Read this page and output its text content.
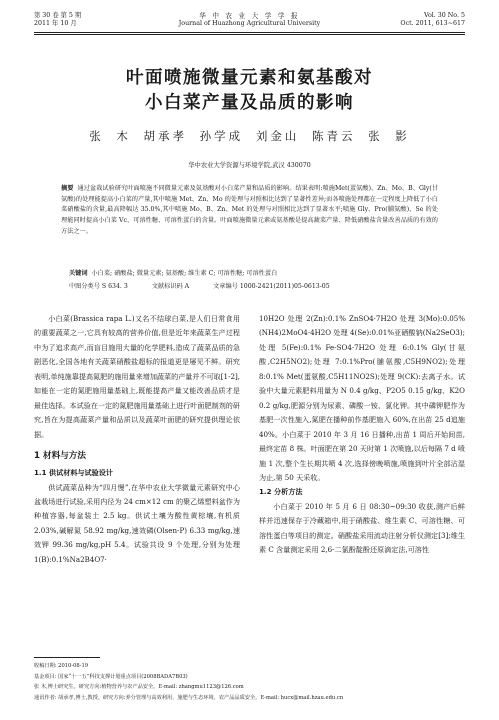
第 30 卷 第 5 期
2011 年 10 月
华 中 农 业 大 学 学 报
Journal of Huazhong Agricultural University
Vol. 30 No. 5
Oct. 2011, 613~617
叶面喷施微量元素和氨基酸对
小白菜产量及品质的影响
张 木 胡承孝 孙学成 刘金山 陈青云 张 影
华中农业大学资源与环境学院,武汉 430070
摘要 通过盆栽试验研究叶面喷施不同微量元素及氨基酸对小白菜产量和品质的影响。结果表明:喷施Met(蛋氨酸)、Zn、Mo、B、Gly(甘氨酸)的处理能提高小白菜的产量,其中喷施 Met、Zn、Mo 的处理与对照相比达到了显著性差异;而各喷施处理都在一定程度上降低了小白菜硝酸盐的含量,最高降幅达 35.0%,其中喷施 Mo、B、Zn、Met 的处理与对照相比达到了显著水平;喷施 Gly、Pro(脯氨酸)、Se 的处理能同时提高小白菜 Vc、可溶性糖、可溶性蛋白的含量。叶面喷施微量元素或氨基酸是提高蔬菜产量、降低硝酸盐含量改善品质的有效的方法之一。
关键词 小白菜; 硝酸盐; 微量元素; 氨基酸; 维生素 C; 可溶性糖; 可溶性蛋白
中图分类号 S 634. 3	文献标识码 A	文章编号 1000-2421(2011)05-0613-05

小白菜(Brassica rapa L.)又名不结球白菜,是人们日常食用的重要蔬菜之一,它具有较高的营养价值,但是近年来蔬菜生产过程中为了追求高产,而盲目施用大量的化学肥料,造成了蔬菜品质的急剧恶化,全国各地有关蔬菜硝酸盐超标的报道更是屡见不鲜。研究表明,单纯施靠提高氮肥的施用量来增加蔬菜的产量并不可取[1-2],如能在一定的氮肥施用量基础上,既能提高产量又能改善品质才是最佳选择。本试验在一定的氮肥施用量基础上进行叶面肥制剂的研究,旨在为提高蔬菜产量和品质以及蔬菜叶面肥的研究提供理论依据。

1 材料与方法
1.1 供试材料与试验设计

供试蔬菜品种为“四月慢”,在华中农业大学微量元素研究中心盆栽场进行试验,采用内径为 24 cm×12 cm 的聚乙烯塑料盆作为种植容器,每盆装土 2.5 kg。供试土壤为酸性黄棕壤,有机质 2.03%,碱解氮 58.92 mg/kg,速效磷(Olsen-P) 6.33 mg/kg,速效钾 99.36 mg/kg,pH 5.4。试验共设 9 个处理,分别为处理 1(B):0.1%Na2B4O7·

10H2O 处理 2(Zn):0.1% ZnSO4·7H2O 处理 3(Mo):0.05%(NH4)2MoO4·4H2O 处理 4(Se):0.01%亚硒酸钠(Na2SeO3);处理 5(Fe):0.1% Fe-SO4·7H2O 处理 6:0.1% Gly(甘氨酸,C2H5NO2);处理 7:0.1%Pro(脯氨酸,C5H9NO2);处理 8:0.1% Met(蛋氨酸,C5H11NO2S);处理 9(CK):去离子水。试验中大量元素肥料用量为 N 0.4 g/kg、P2O5 0.15 g/kg、K2O 0.2 g/kg,肥源分别为尿素、磷酸一铵、氯化钾。其中磷钾肥作为基肥一次性施入,氮肥在播种前作基肥施入 60%,在出苗 25 d追施 40%。小白菜于 2010 年 3 月 16 日播种,出苗 1 周后开始间苗,最终定苗 8 株。叶面肥在第 20 天时第 1 次喷施,以后每隔 7 d 喷施 1 次,整个生长期共喷 4 次,选择傍晚喷施,喷施到叶片全部沾湿为止,第 50 天采收。

1.2 分析方法

小白菜于 2010 年 5 月 6 日 08:30~09:30 收获,测产后鲜样并迅速保存于冷藏箱中,用于硝酸盐、维生素 C、可溶性糖、可溶性蛋白等项目的测定。硝酸盐采用流动注射分析仪测定[3];维生素 C 含量测定采用 2,6-二氯酚靛酚还原滴定法,可溶性

收稿日期: 2010-08-19
基金项目: 国家“十一五”科技支撑计划重点项目(2008BADA7B03)
张 木,博士研究生。研究方向:植物营养与农产品安全。E-mail: zhangmu1123@126.com
通讯作者: 胡承孝,博士,教授。研究方向:养分管理与高效利用、施肥与生态环境、农产品品质安全。E-mail: hucx@mail.hzau.edu.cn
